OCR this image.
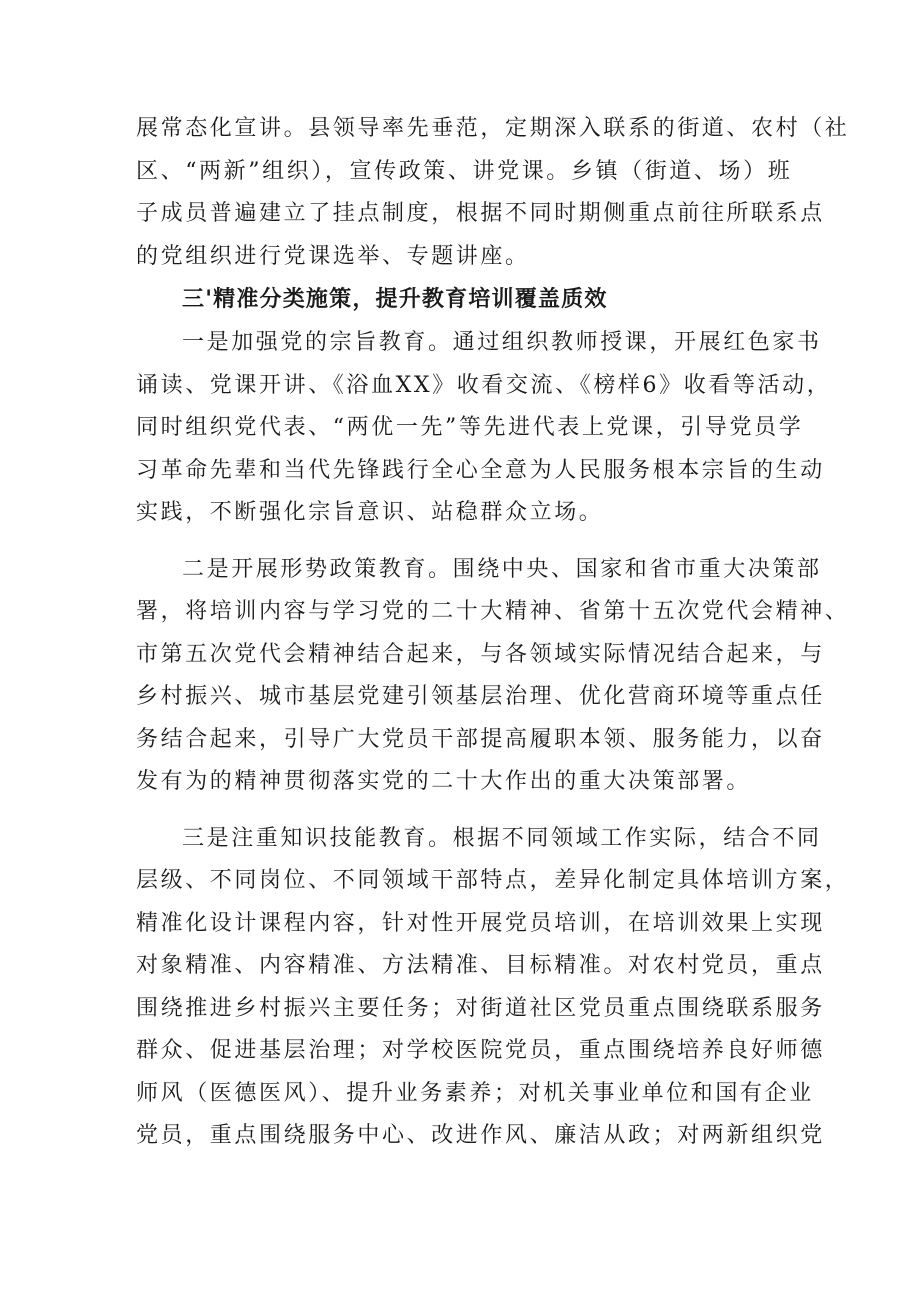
展常态化宣讲。县领导率先垂范，定期深入联系的街道、农村（社
区、“两新”组织），宣传政策、讲党课。乡镇（街道、场）班
子成员普遍建立了挂点制度，根据不同时期侧重点前往所联系点
的党组织进行党课选举、专题讲座。
三'精准分类施策，提升教育培训覆盖质效
一是加强党的宗旨教育。通过组织教师授课，开展红色家书
诵读、党课开讲、《浴血XX》收看交流、《榜样6》收看等活动，
同时组织党代表、“两优一先”等先进代表上党课，引导党员学
习革命先辈和当代先锋践行全心全意为人民服务根本宗旨的生动
实践，不断强化宗旨意识、站稳群众立场。
二是开展形势政策教育。围绕中央、国家和省市重大决策部
署，将培训内容与学习党的二十大精神、省第十五次党代会精神、
市第五次党代会精神结合起来，与各领域实际情况结合起来，与
乡村振兴、城市基层党建引领基层治理、优化营商环境等重点任
务结合起来，引导广大党员干部提高履职本领、服务能力，以奋
发有为的精神贯彻落实党的二十大作出的重大决策部署。
三是注重知识技能教育。根据不同领域工作实际，结合不同
层级、不同岗位、不同领域干部特点，差异化制定具体培训方案，
精准化设计课程内容，针对性开展党员培训，在培训效果上实现
对象精准、内容精准、方法精准、目标精准。对农村党员，重点
围绕推进乡村振兴主要任务；对街道社区党员重点围绕联系服务
群众、促进基层治理；对学校医院党员，重点围绕培养良好师德
师风（医德医风）、提升业务素养；对机关事业单位和国有企业
党员，重点围绕服务中心、改进作风、廉洁从政；对两新组织党
